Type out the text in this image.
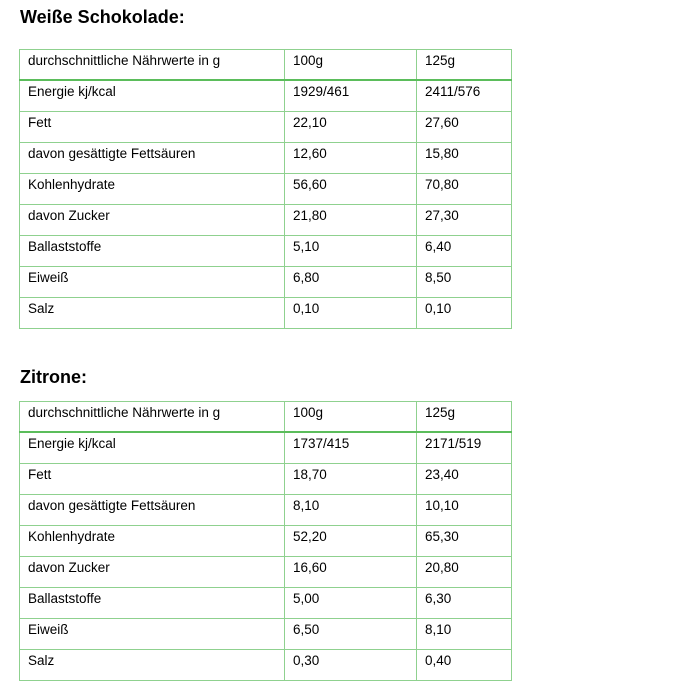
Weiße Schokolade:
durchschnittliche Nährwerte in g	100g	125g
Energie kj/kcal	1929/461	2411/576
Fett	22,10	27,60
davon gesättigte Fettsäuren	12,60	15,80
Kohlenhydrate	56,60	70,80
davon Zucker	21,80	27,30
Ballaststoffe	5,10	6,40
Eiweiß	6,80	8,50
Salz	0,10	0,10
Zitrone:
durchschnittliche Nährwerte in g	100g	125g
Energie kj/kcal	1737/415	2171/519
Fett	18,70	23,40
davon gesättigte Fettsäuren	8,10	10,10
Kohlenhydrate	52,20	65,30
davon Zucker	16,60	20,80
Ballaststoffe	5,00	6,30
Eiweiß	6,50	8,10
Salz	0,30	0,40
